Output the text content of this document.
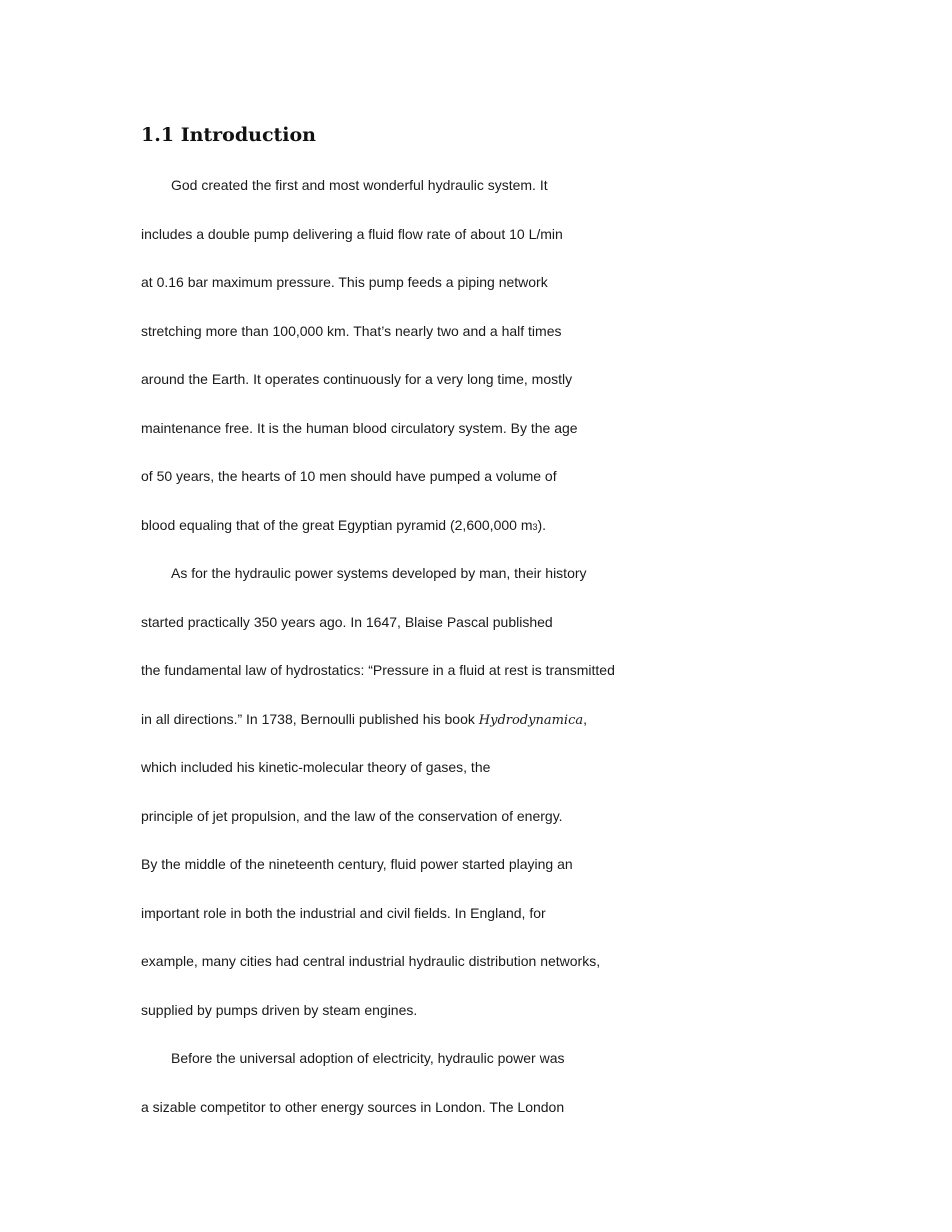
1.1 Introduction

God created the first and most wonderful hydraulic system. It

includes a double pump delivering a fluid flow rate of about 10 L/min

at 0.16 bar maximum pressure. This pump feeds a piping network

stretching more than 100,000 km. That’s nearly two and a half times

around the Earth. It operates continuously for a very long time, mostly

maintenance free. It is the human blood circulatory system. By the age

of 50 years, the hearts of 10 men should have pumped a volume of

blood equaling that of the great Egyptian pyramid (2,600,000 m3).

As for the hydraulic power systems developed by man, their history

started practically 350 years ago. In 1647, Blaise Pascal published

the fundamental law of hydrostatics: “Pressure in a fluid at rest is transmitted

in all directions.” In 1738, Bernoulli published his book Hydrodynamica,

which included his kinetic-molecular theory of gases, the

principle of jet propulsion, and the law of the conservation of energy.

By the middle of the nineteenth century, fluid power started playing an

important role in both the industrial and civil fields. In England, for

example, many cities had central industrial hydraulic distribution networks,

supplied by pumps driven by steam engines.

Before the universal adoption of electricity, hydraulic power was

a sizable competitor to other energy sources in London. The London
